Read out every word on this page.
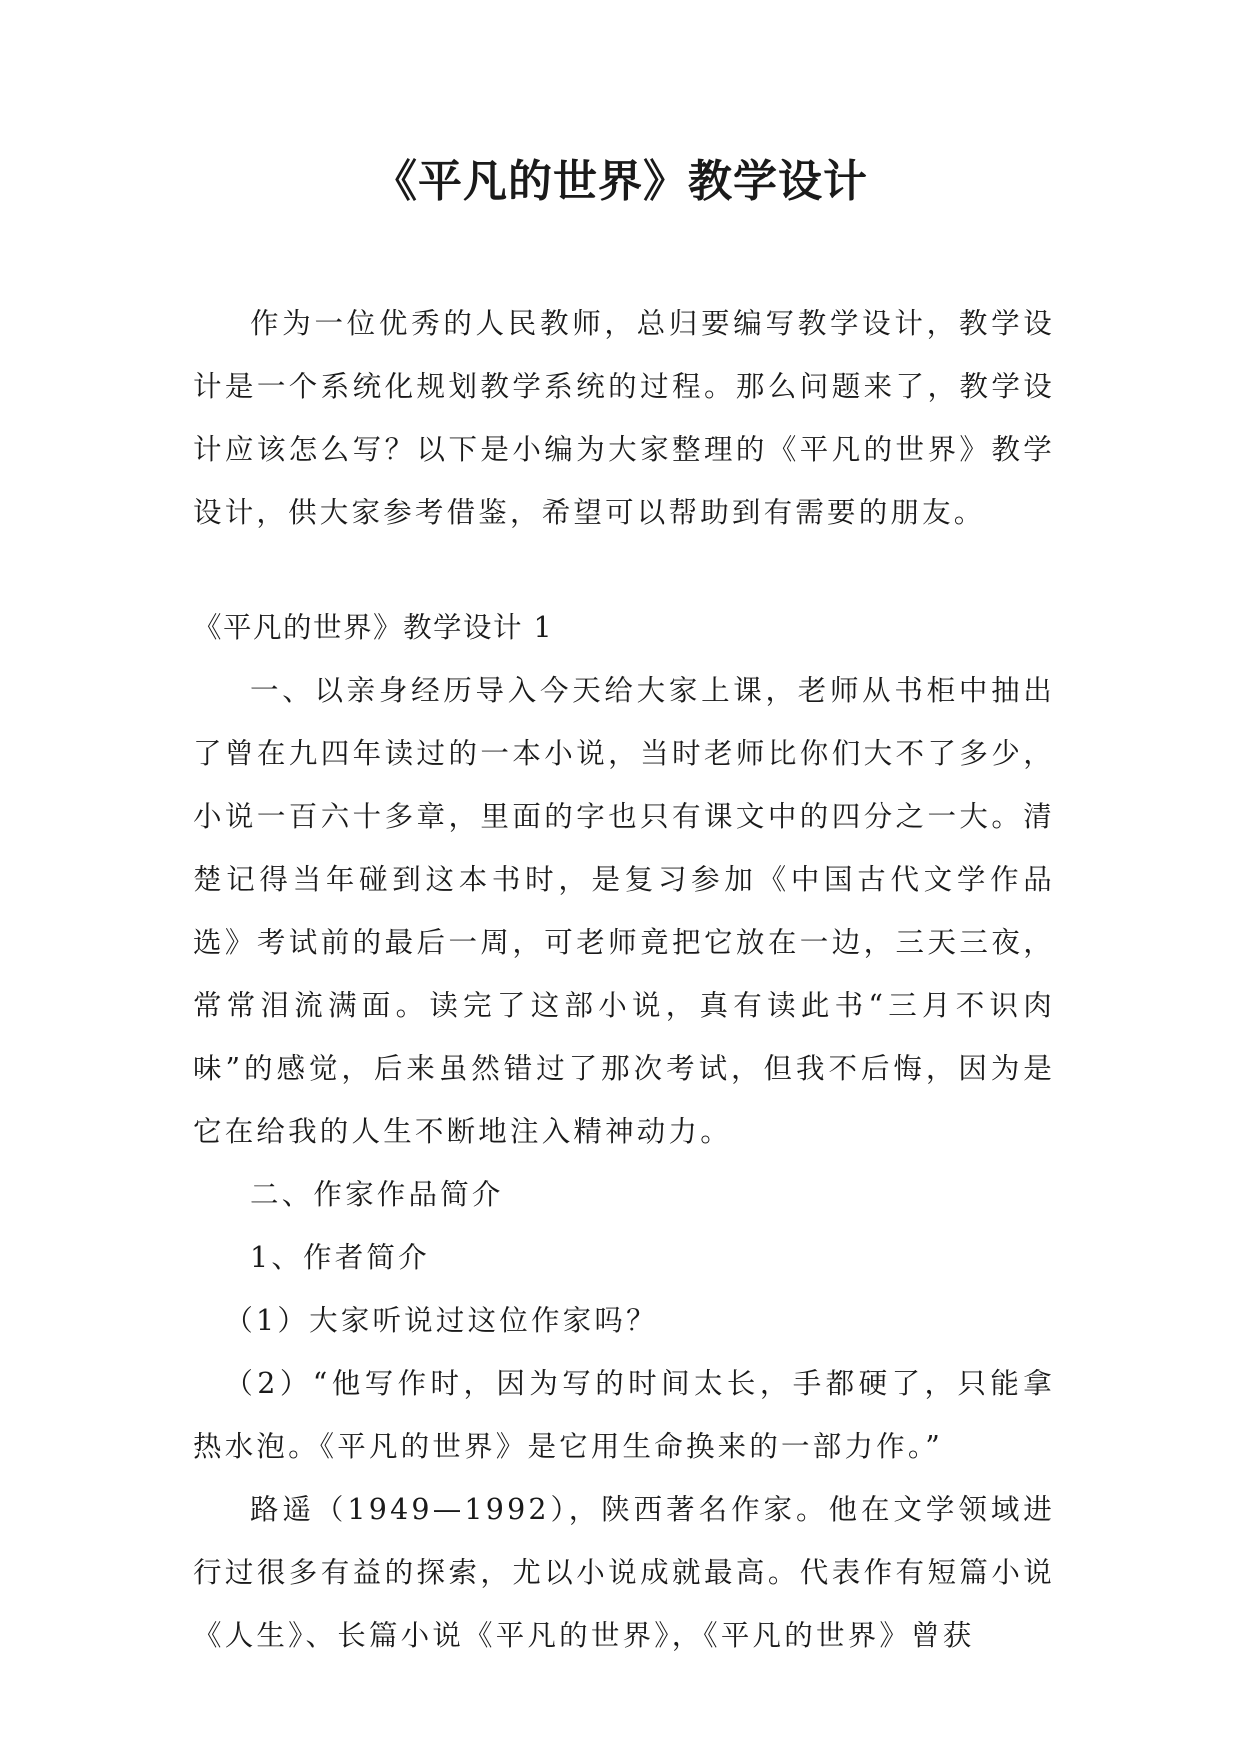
《平凡的世界》教学设计

作为一位优秀的人民教师，总归要编写教学设计，教学设计是一个系统化规划教学系统的过程。那么问题来了，教学设计应该怎么写？以下是小编为大家整理的《平凡的世界》教学设计，供大家参考借鉴，希望可以帮助到有需要的朋友。

《平凡的世界》教学设计 1

一、以亲身经历导入今天给大家上课，老师从书柜中抽出了曾在九四年读过的一本小说，当时老师比你们大不了多少，小说一百六十多章，里面的字也只有课文中的四分之一大。清楚记得当年碰到这本书时，是复习参加《中国古代文学作品选》考试前的最后一周，可老师竟把它放在一边，三天三夜，常常泪流满面。读完了这部小说，真有读此书“三月不识肉味”的感觉，后来虽然错过了那次考试，但我不后悔，因为是它在给我的人生不断地注入精神动力。

二、作家作品简介

1、作者简介

（1）大家听说过这位作家吗？

（2）“他写作时，因为写的时间太长，手都硬了，只能拿热水泡。《平凡的世界》是它用生命换来的一部力作。”

路遥（1949—1992），陕西著名作家。他在文学领域进行过很多有益的探索，尤以小说成就最高。代表作有短篇小说《人生》、长篇小说《平凡的世界》，《平凡的世界》曾获
